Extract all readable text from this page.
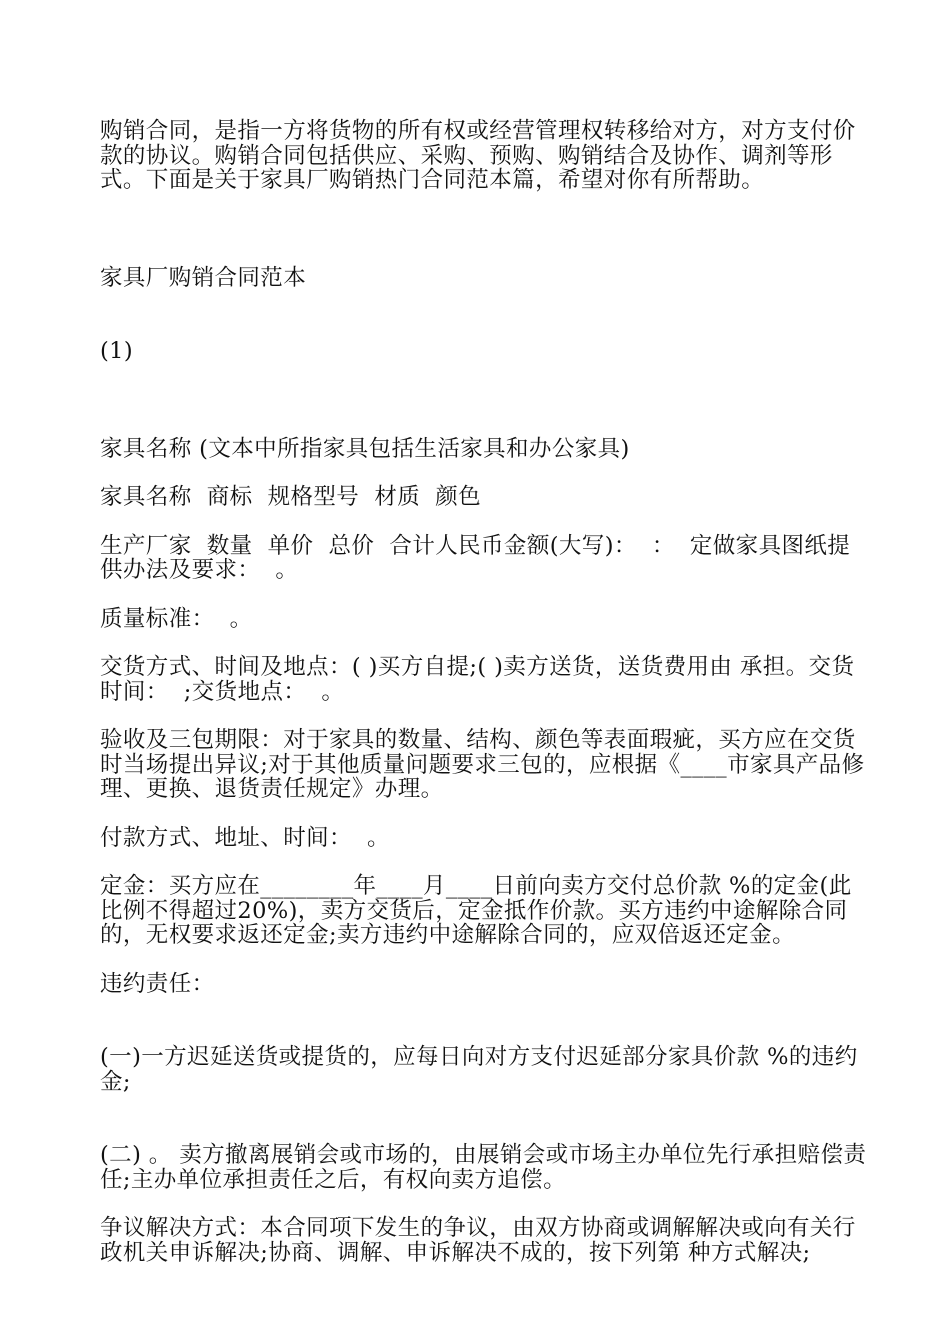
购销合同，是指一方将货物的所有权或经营管理权转移给对方，对方支付价款的协议。购销合同包括供应、采购、预购、购销结合及协作、调剂等形式。下面是关于家具厂购销热门合同范本篇，希望对你有所帮助。

家具厂购销合同范本

(1)

家具名称 (文本中所指家具包括生活家具和办公家具)

家具名称  商标  规格型号  材质  颜色

生产厂家  数量  单价  总价  合计人民币金额(大写)：  ：  定做家具图纸提供办法及要求：  。

质量标准：  。

交货方式、时间及地点：( )买方自提;( )卖方送货，送货费用由 承担。交货时间：  ;交货地点：  。

验收及三包期限：对于家具的数量、结构、颜色等表面瑕疵，买方应在交货时当场提出异议;对于其他质量问题要求三包的，应根据《____市家具产品修理、更换、退货责任规定》办理。

付款方式、地址、时间：  。

定金：买方应在________年____月____日前向卖方交付总价款 %的定金(此比例不得超过20%)，卖方交货后，定金抵作价款。买方违约中途解除合同的，无权要求返还定金;卖方违约中途解除合同的，应双倍返还定金。

违约责任：

(一)一方迟延送货或提货的，应每日向对方支付迟延部分家具价款 %的违约金;

(二) 。 卖方撤离展销会或市场的，由展销会或市场主办单位先行承担赔偿责任;主办单位承担责任之后，有权向卖方追偿。

争议解决方式：本合同项下发生的争议，由双方协商或调解解决或向有关行政机关申诉解决;协商、调解、申诉解决不成的，按下列第 种方式解决;
